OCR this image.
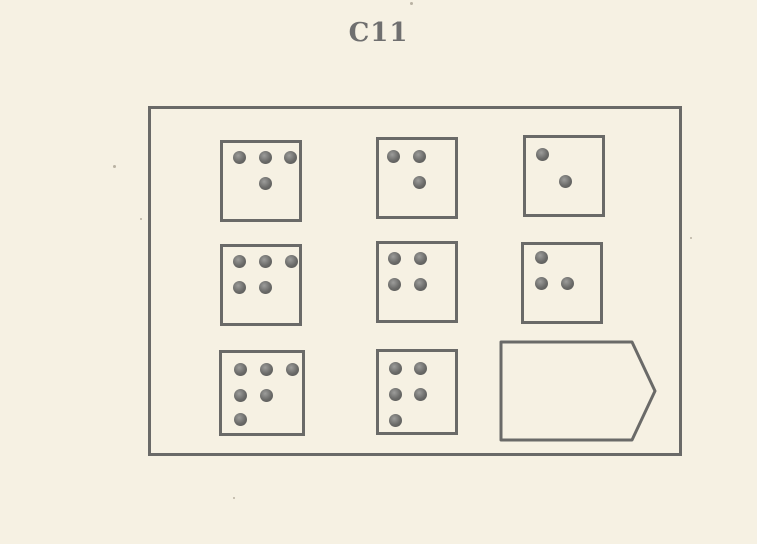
C11
